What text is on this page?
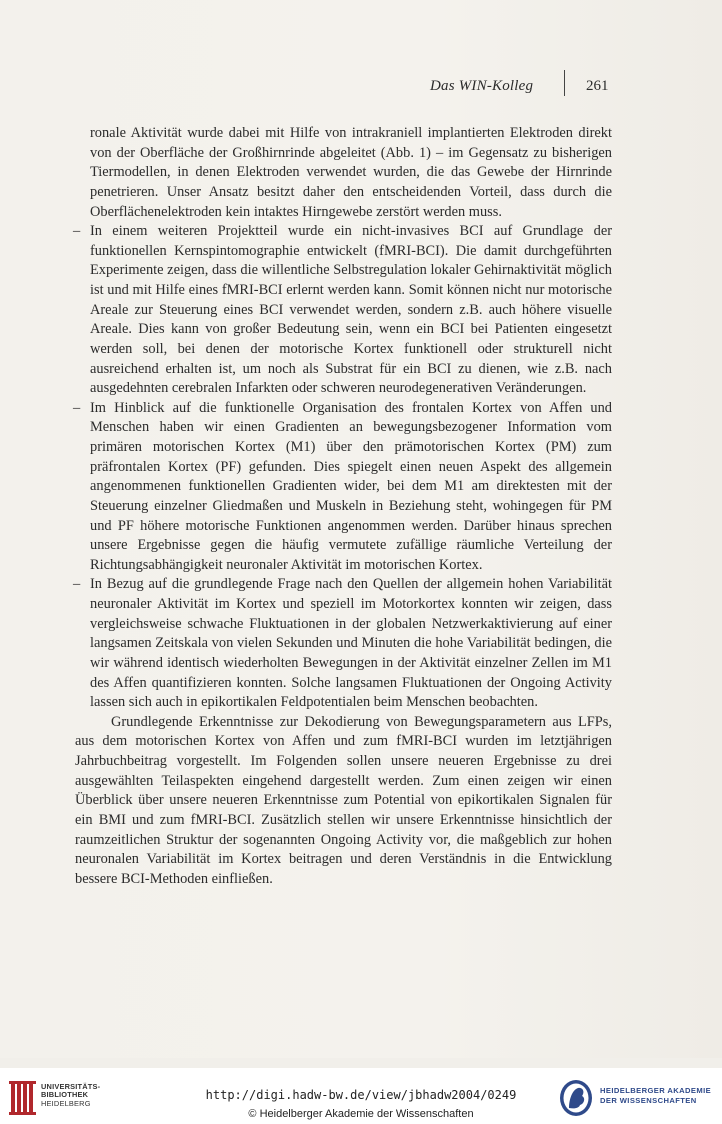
Das WIN-Kolleg	261

ronale Aktivität wurde dabei mit Hilfe von intrakraniell implantierten Elektroden direkt von der Oberfläche der Großhirnrinde abgeleitet (Abb. 1) – im Gegensatz zu bisherigen Tiermodellen, in denen Elektroden verwendet wurden, die das Gewebe der Hirnrinde penetrieren. Unser Ansatz besitzt daher den entscheidenden Vorteil, dass durch die Oberflächenelektroden kein intaktes Hirngewebe zerstört werden muss.

– In einem weiteren Projektteil wurde ein nicht-invasives BCI auf Grundlage der funktionellen Kernspintomographie entwickelt (fMRI-BCI). Die damit durchgeführten Experimente zeigen, dass die willentliche Selbstregulation lokaler Gehirnaktivität möglich ist und mit Hilfe eines fMRI-BCI erlernt werden kann. Somit können nicht nur motorische Areale zur Steuerung eines BCI verwendet werden, sondern z.B. auch höhere visuelle Areale. Dies kann von großer Bedeutung sein, wenn ein BCI bei Patienten eingesetzt werden soll, bei denen der motorische Kortex funktionell oder strukturell nicht ausreichend erhalten ist, um noch als Substrat für ein BCI zu dienen, wie z.B. nach ausgedehnten cerebralen Infarkten oder schweren neurodegenerativen Veränderungen.

– Im Hinblick auf die funktionelle Organisation des frontalen Kortex von Affen und Menschen haben wir einen Gradienten an bewegungsbezogener Information vom primären motorischen Kortex (M1) über den prämotorischen Kortex (PM) zum präfrontalen Kortex (PF) gefunden. Dies spiegelt einen neuen Aspekt des allgemein angenommenen funktionellen Gradienten wider, bei dem M1 am direktesten mit der Steuerung einzelner Gliedmaßen und Muskeln in Beziehung steht, wohingegen für PM und PF höhere motorische Funktionen angenommen werden. Darüber hinaus sprechen unsere Ergebnisse gegen die häufig vermutete zufällige räumliche Verteilung der Richtungsabhängigkeit neuronaler Aktivität im motorischen Kortex.

– In Bezug auf die grundlegende Frage nach den Quellen der allgemein hohen Variabilität neuronaler Aktivität im Kortex und speziell im Motorkortex konnten wir zeigen, dass vergleichsweise schwache Fluktuationen in der globalen Netzwerkaktivierung auf einer langsamen Zeitskala von vielen Sekunden und Minuten die hohe Variabilität bedingen, die wir während identisch wiederholten Bewegungen in der Aktivität einzelner Zellen im M1 des Affen quantifizieren konnten. Solche langsamen Fluktuationen der Ongoing Activity lassen sich auch in epikortikalen Feldpotentialen beim Menschen beobachten.

Grundlegende Erkenntnisse zur Dekodierung von Bewegungsparametern aus LFPs, aus dem motorischen Kortex von Affen und zum fMRI-BCI wurden im letztjährigen Jahrbuchbeitrag vorgestellt. Im Folgenden sollen unsere neueren Ergebnisse zu drei ausgewählten Teilaspekten eingehend dargestellt werden. Zum einen zeigen wir einen Überblick über unsere neueren Erkenntnisse zum Potential von epikortikalen Signalen für ein BMI und zum fMRI-BCI. Zusätzlich stellen wir unsere Erkenntnisse hinsichtlich der raumzeitlichen Struktur der sogenannten Ongoing Activity vor, die maßgeblich zur hohen neuronalen Variabilität im Kortex beitragen und deren Verständnis in die Entwicklung bessere BCI-Methoden einfließen.

UNIVERSITÄTS-
BIBLIOTHEK
HEIDELBERG
http://digi.hadw-bw.de/view/jbhadw2004/0249
© Heidelberger Akademie der Wissenschaften
HEIDELBERGER AKADEMIE
DER WISSENSCHAFTEN
